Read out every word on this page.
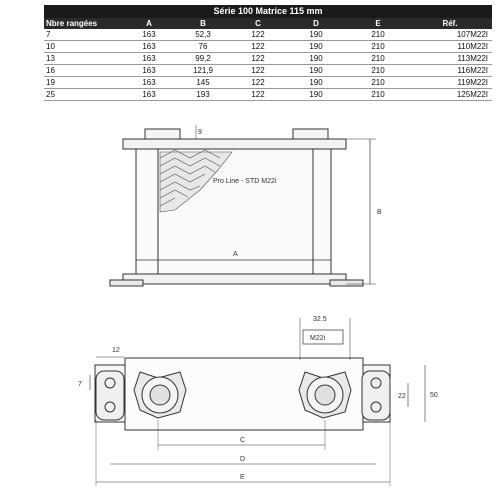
Série 100 Matrice 115 mm
Nbre rangées	A	B	C	D	E	Réf.
7	163	52,3	122	190	210	107M22I
10	163	76	122	190	210	110M22I
13	163	99,2	122	190	210	113M22I
16	163	121,9	122	190	210	116M22I
19	163	145	122	190	210	119M22I
25	163	193	122	190	210	125M22I
Pro Line - STD M22i
A
B
9
12
7
32.5
M22i
22	50
C
D
E
